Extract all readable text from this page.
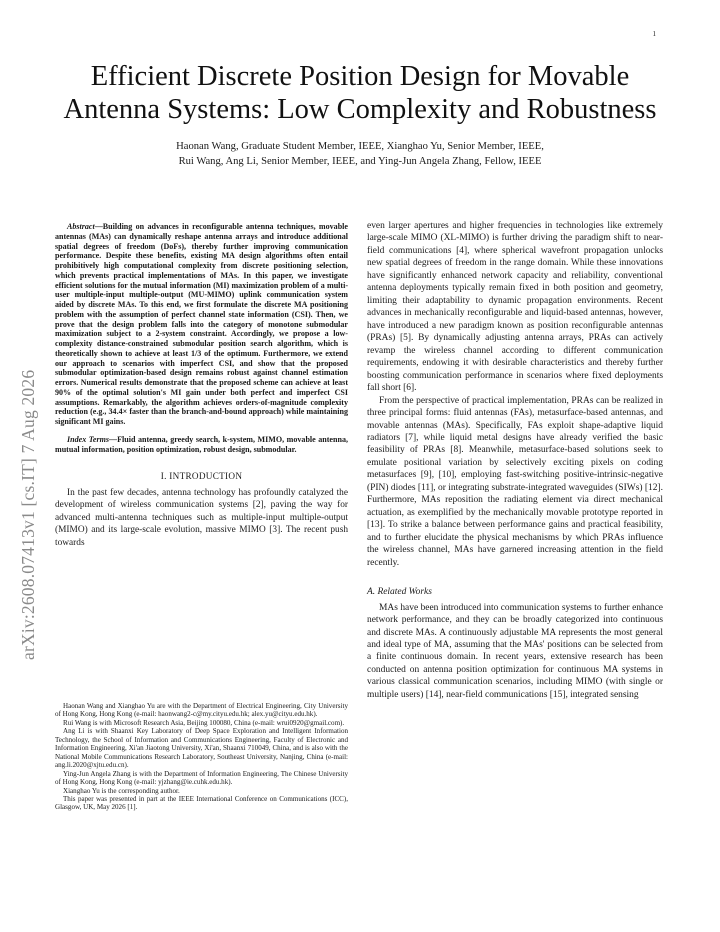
1
arXiv:2608.07413v1 [cs.IT] 7 Aug 2026
Efficient Discrete Position Design for Movable Antenna Systems: Low Complexity and Robustness
Haonan Wang, Graduate Student Member, IEEE, Xianghao Yu, Senior Member, IEEE,
Rui Wang, Ang Li, Senior Member, IEEE, and Ying-Jun Angela Zhang, Fellow, IEEE

Abstract—Building on advances in reconfigurable antenna techniques, movable antennas (MAs) can dynamically reshape antenna arrays and introduce additional spatial degrees of freedom (DoFs), thereby further improving communication performance. Despite these benefits, existing MA design algorithms often entail prohibitively high computational complexity from discrete positioning selection, which prevents practical implementations of MAs. In this paper, we investigate efficient solutions for the mutual information (MI) maximization problem of a multi-user multiple-input multiple-output (MU-MIMO) uplink communication system aided by discrete MAs. To this end, we first formulate the discrete MA positioning problem with the assumption of perfect channel state information (CSI). Then, we prove that the design problem falls into the category of monotone submodular maximization subject to a 2-system constraint. Accordingly, we propose a low-complexity distance-constrained submodular position search algorithm, which is theoretically shown to achieve at least 1/3 of the optimum. Furthermore, we extend our approach to scenarios with imperfect CSI, and show that the proposed submodular optimization-based design remains robust against channel estimation errors. Numerical results demonstrate that the proposed scheme can achieve at least 90% of the optimal solution's MI gain under both perfect and imperfect CSI assumptions. Remarkably, the algorithm achieves orders-of-magnitude complexity reduction (e.g., 34.4× faster than the branch-and-bound approach) while maintaining significant MI gains.

Index Terms—Fluid antenna, greedy search, k-system, MIMO, movable antenna, mutual information, position optimization, robust design, submodular.

I. INTRODUCTION

In the past few decades, antenna technology has profoundly catalyzed the development of wireless communication systems [2], paving the way for advanced multi-antenna techniques such as multiple-input multiple-output (MIMO) and its large-scale evolution, massive MIMO [3]. The recent push towards

Haonan Wang and Xianghao Yu are with the Department of Electrical Engineering, City University of Hong Kong, Hong Kong (e-mail: haonwang2-c@my.cityu.edu.hk; alex.yu@cityu.edu.hk).

Rui Wang is with Microsoft Research Asia, Beijing 100080, China (e-mail: wrui0920@gmail.com).

Ang Li is with Shaanxi Key Laboratory of Deep Space Exploration and Intelligent Information Technology, the School of Information and Communications Engineering, Faculty of Electronic and Information Engineering, Xi'an Jiaotong University, Xi'an, Shaanxi 710049, China, and is also with the National Mobile Communications Research Laboratory, Southeast University, Nanjing, China (e-mail: ang.li.2020@xjtu.edu.cn).

Ying-Jun Angela Zhang is with the Department of Information Engineering, The Chinese University of Hong Kong, Hong Kong (e-mail: yjzhang@ie.cuhk.edu.hk).

Xianghao Yu is the corresponding author.

This paper was presented in part at the IEEE International Conference on Communications (ICC), Glasgow, UK, May 2026 [1].

even larger apertures and higher frequencies in technologies like extremely large-scale MIMO (XL-MIMO) is further driving the paradigm shift to near-field communications [4], where spherical wavefront propagation unlocks new spatial degrees of freedom in the range domain. While these innovations have significantly enhanced network capacity and reliability, conventional antenna deployments typically remain fixed in both position and geometry, limiting their adaptability to dynamic propagation environments. Recent advances in mechanically reconfigurable and liquid-based antennas, however, have introduced a new paradigm known as position reconfigurable antennas (PRAs) [5]. By dynamically adjusting antenna arrays, PRAs can actively revamp the wireless channel according to different communication requirements, endowing it with desirable characteristics and thereby further boosting communication performance in scenarios where fixed deployments fall short [6].

From the perspective of practical implementation, PRAs can be realized in three principal forms: fluid antennas (FAs), metasurface-based antennas, and movable antennas (MAs). Specifically, FAs exploit shape-adaptive liquid radiators [7], while liquid metal designs have already verified the basic feasibility of PRAs [8]. Meanwhile, metasurface-based solutions seek to emulate positional variation by selectively exciting pixels on coding metasurfaces [9], [10], employing fast-switching positive-intrinsic-negative (PIN) diodes [11], or integrating substrate-integrated waveguides (SIWs) [12]. Furthermore, MAs reposition the radiating element via direct mechanical actuation, as exemplified by the mechanically movable prototype reported in [13]. To strike a balance between performance gains and practical feasibility, and to further elucidate the physical mechanisms by which PRAs influence the wireless channel, MAs have garnered increasing attention in the field recently.

A. Related Works

MAs have been introduced into communication systems to further enhance network performance, and they can be broadly categorized into continuous and discrete MAs. A continuously adjustable MA represents the most general and ideal type of MA, assuming that the MAs' positions can be selected from a finite continuous domain. In recent years, extensive research has been conducted on antenna position optimization for continuous MA systems in various classical communication scenarios, including MIMO (with single or multiple users) [14], near-field communications [15], integrated sensing
